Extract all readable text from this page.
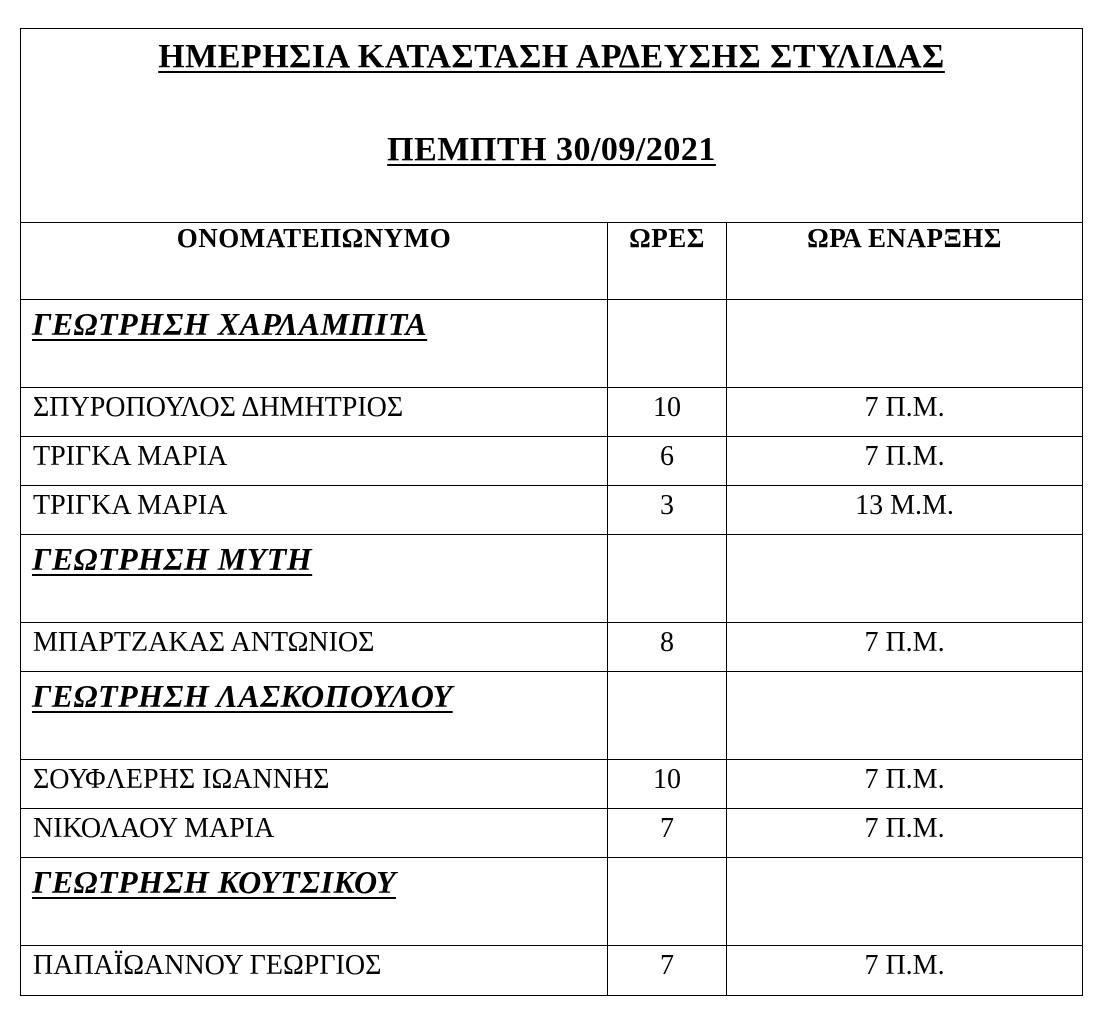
ΗΜΕΡΗΣΙΑ ΚΑΤΑΣΤΑΣΗ ΑΡΔΕΥΣΗΣ ΣΤΥΛΙΔΑΣ
ΠΕΜΠΤΗ 30/09/2021		

ΟΝΟΜΑΤΕΠΩΝΥΜΟ	ΩΡΕΣ	ΩΡΑ ΕΝΑΡΞΗΣ

ΓΕΩΤΡΗΣΗ ΧΑΡΛΑΜΠΙΤΑ		

ΣΠΥΡΟΠΟΥΛΟΣ ΔΗΜΗΤΡΙΟΣ	10	7 Π.Μ.
ΤΡΙΓΚΑ ΜΑΡΙΑ	6	7 Π.Μ.
ΤΡΙΓΚΑ ΜΑΡΙΑ	3	13 Μ.Μ.

ΓΕΩΤΡΗΣΗ ΜΥΤΗ		

ΜΠΑΡΤΖΑΚΑΣ ΑΝΤΩΝΙΟΣ	8	7 Π.Μ.

ΓΕΩΤΡΗΣΗ ΛΑΣΚΟΠΟΥΛΟΥ		

ΣΟΥΦΛΕΡΗΣ ΙΩΑΝΝΗΣ	10	7 Π.Μ.
ΝΙΚΟΛΑΟΥ ΜΑΡΙΑ	7	7 Π.Μ.

ΓΕΩΤΡΗΣΗ ΚΟΥΤΣΙΚΟΥ		

ΠΑΠΑΪΩΑΝΝΟΥ ΓΕΩΡΓΙΟΣ	7	7 Π.Μ.
